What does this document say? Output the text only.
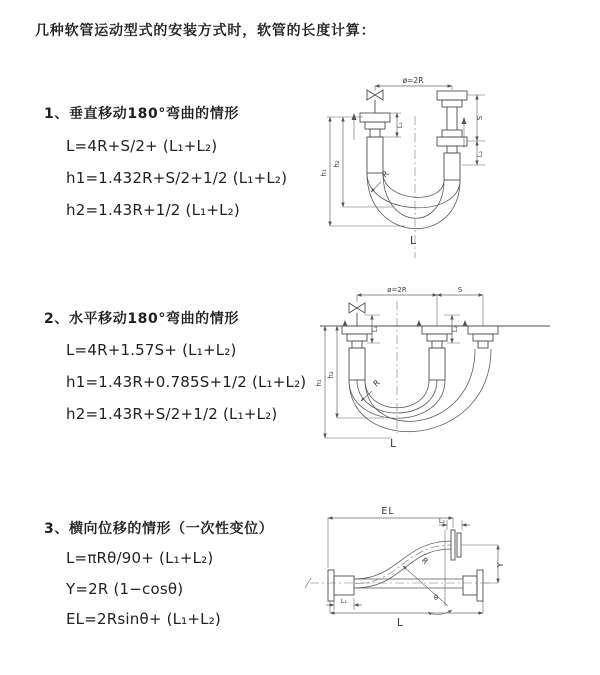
几种软管运动型式的安装方式时，软管的长度计算：
1、垂直移动180°弯曲的情形
L=4R+S/2+ (L₁+L₂)
h1=1.432R+S/2+1/2 (L₁+L₂)
h2=1.43R+1/2 (L₁+L₂)
ø=2R
R
h₁
h₂
S
L₂
L₁
L
2、水平移动180°弯曲的情形
L=4R+1.57S+ (L₁+L₂)
h1=1.43R+0.785S+1/2 (L₁+L₂)
h2=1.43R+S/2+1/2 (L₁+L₂)
ø=2R	S
R
h₁
h₂
L₁	L₂
L
3、横向位移的情形（一次性变位）
L=πRθ/90+ (L₁+L₂)
Y=2R (1−cosθ)
EL=2Rsinθ+ (L₁+L₂)
EL
L₂
Y
R
θ
L
L₁
